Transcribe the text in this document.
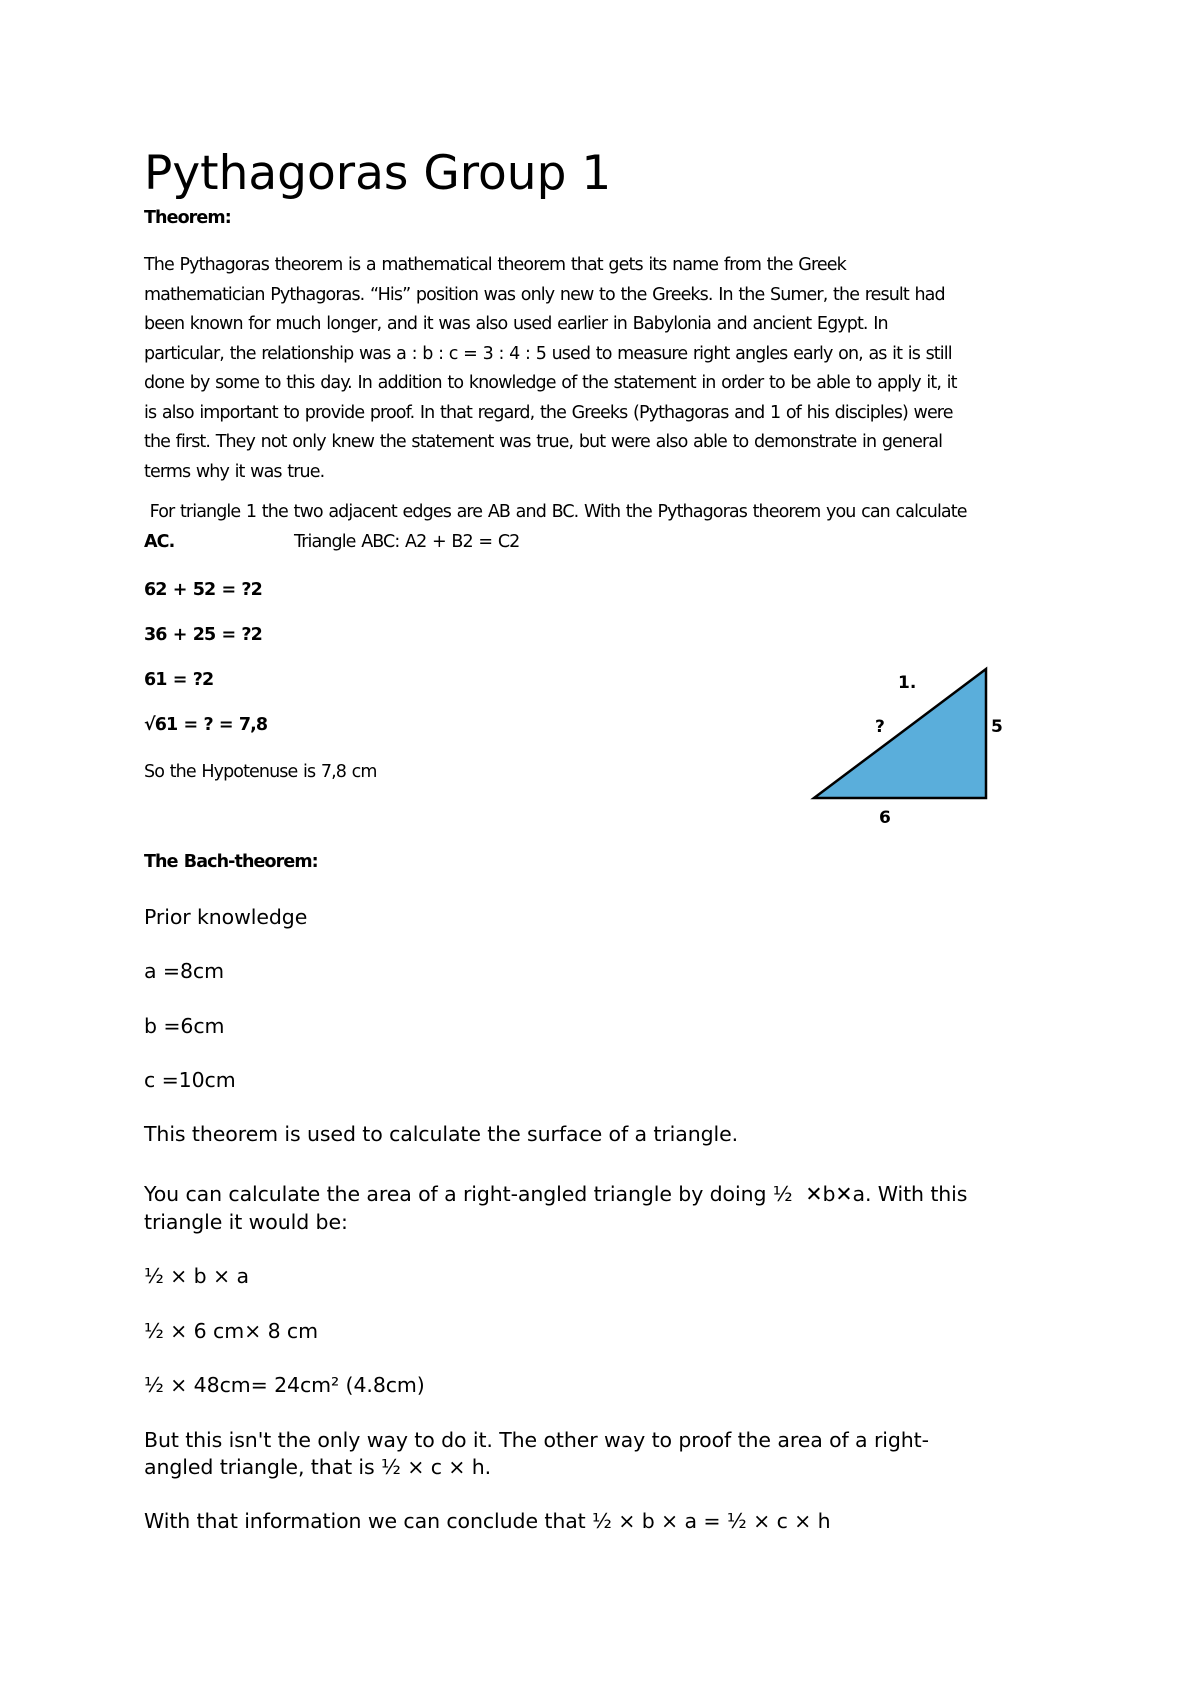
Pythagoras Group 1
Theorem:
The Pythagoras theorem is a mathematical theorem that gets its name from the Greek
mathematician Pythagoras. “His” position was only new to the Greeks. In the Sumer, the result had
been known for much longer, and it was also used earlier in Babylonia and ancient Egypt. In
particular, the relationship was a : b : c = 3 : 4 : 5 used to measure right angles early on, as it is still
done by some to this day. In addition to knowledge of the statement in order to be able to apply it, it
is also important to provide proof. In that regard, the Greeks (Pythagoras and 1 of his disciples) were
the first. They not only knew the statement was true, but were also able to demonstrate in general
terms why it was true.
For triangle 1 the two adjacent edges are AB and BC. With the Pythagoras theorem you can calculate
AC.	Triangle ABC: A2 + B2 = C2
62 + 52 = ?2
36 + 25 = ?2
61 = ?2
√61 = ? = 7,8
So the Hypotenuse is 7,8 cm
1.
?	5
6
The Bach-theorem:
Prior knowledge
a =8cm
b =6cm
c =10cm
This theorem is used to calculate the surface of a triangle.
You can calculate the area of a right-angled triangle by doing ½  ✕b✕a. With this
triangle it would be:
½ × b × a
½ × 6 cm× 8 cm
½ × 48cm= 24cm² (4.8cm)
But this isn't the only way to do it. The other way to proof the area of a right-
angled triangle, that is ½ × c × h.
With that information we can conclude that ½ × b × a = ½ × c × h
